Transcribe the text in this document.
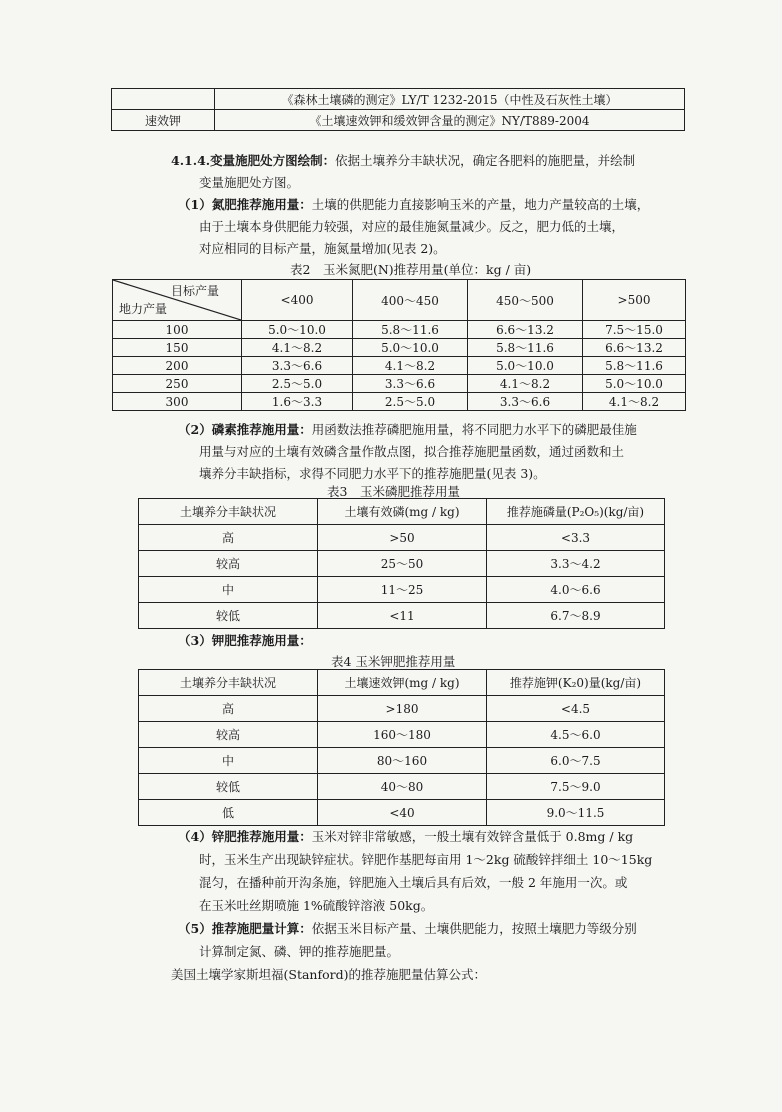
	《森林土壤磷的测定》LY/T 1232-2015（中性及石灰性土壤）
速效钾	《土壤速效钾和缓效钾含量的测定》NY/T889-2004
4.1.4.变量施肥处方图绘制：依据土壤养分丰缺状况，确定各肥料的施肥量，并绘制
变量施肥处方图。
（1）氮肥推荐施用量：土壤的供肥能力直接影响玉米的产量，地力产量较高的土壤，
由于土壤本身供肥能力较强，对应的最佳施氮量减少。反之，肥力低的土壤，
对应相同的目标产量，施氮量增加(见表 2)。
表2　玉米氮肥(N)推荐用量(单位：kg / 亩)
目标产量
地力产量	<400	400～450	450～500	>500
100	5.0～10.0	5.8～11.6	6.6～13.2	7.5～15.0
150	4.1～8.2	5.0～10.0	5.8～11.6	6.6～13.2
200	3.3～6.6	4.1～8.2	5.0～10.0	5.8～11.6
250	2.5～5.0	3.3～6.6	4.1～8.2	5.0～10.0
300	1.6～3.3	2.5～5.0	3.3～6.6	4.1～8.2
（2）磷素推荐施用量：用函数法推荐磷肥施用量，将不同肥力水平下的磷肥最佳施
用量与对应的土壤有效磷含量作散点图，拟合推荐施肥量函数，通过函数和土
壤养分丰缺指标，求得不同肥力水平下的推荐施肥量(见表 3)。
表3　玉米磷肥推荐用量
土壤养分丰缺状况	土壤有效磷(mg / kg)	推荐施磷量(P₂O₅)(kg/亩)
高	>50	<3.3
较高	25～50	3.3～4.2
中	11～25	4.0～6.6
较低	<11	6.7～8.9
（3）钾肥推荐施用量：
表4 玉米钾肥推荐用量
土壤养分丰缺状况	土壤速效钾(mg / kg)	推荐施钾(K₂0)量(kg/亩)
高	>180	<4.5
较高	160～180	4.5～6.0
中	80～160	6.0～7.5
较低	40～80	7.5～9.0
低	<40	9.0～11.5
（4）锌肥推荐施用量：玉米对锌非常敏感，一般土壤有效锌含量低于 0.8mg / kg
时，玉米生产出现缺锌症状。锌肥作基肥每亩用 1～2kg 硫酸锌拌细土 10～15kg
混匀，在播种前开沟条施，锌肥施入土壤后具有后效，一般 2 年施用一次。或
在玉米吐丝期喷施 1%硫酸锌溶液 50kg。
（5）推荐施肥量计算：依据玉米目标产量、土壤供肥能力，按照土壤肥力等级分别
计算制定氮、磷、钾的推荐施肥量。
美国土壤学家斯坦福(Stanford)的推荐施肥量估算公式：
